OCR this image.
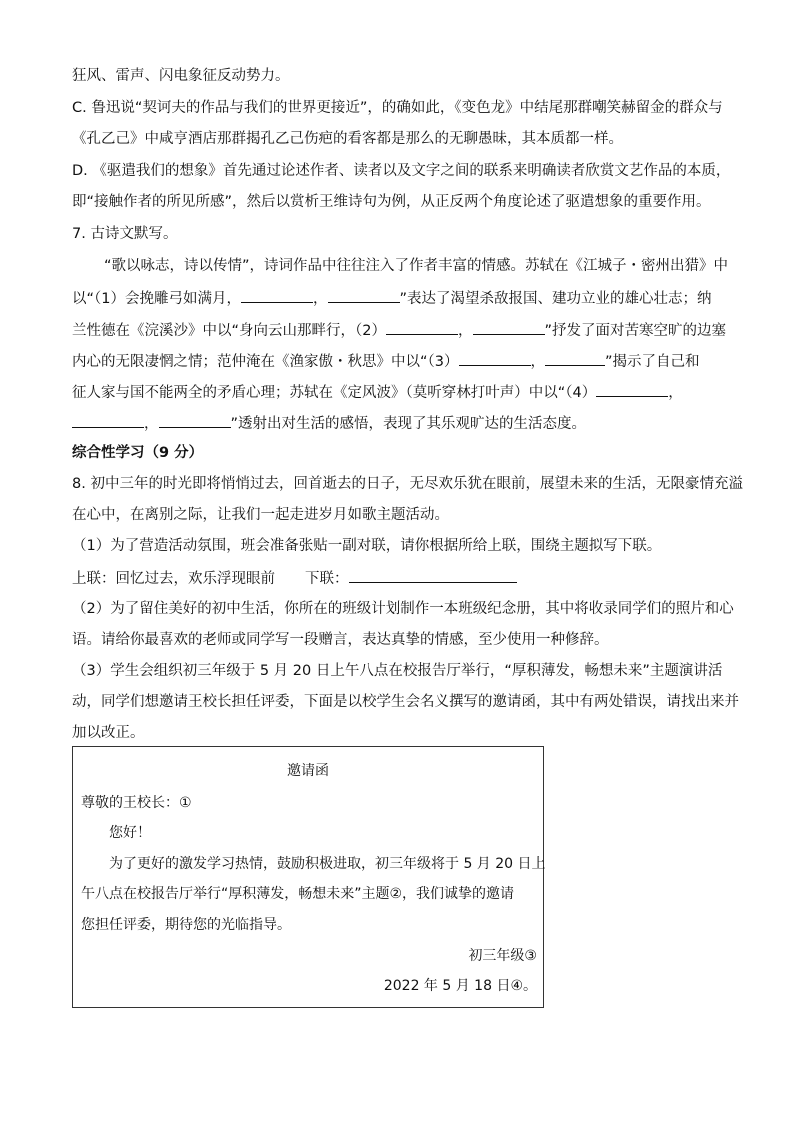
狂风、雷声、闪电象征反动势力。
C. 鲁迅说“契诃夫的作品与我们的世界更接近”，的确如此，《变色龙》中结尾那群嘲笑赫留金的群众与
《孔乙己》中咸亨酒店那群揭孔乙己伤疤的看客都是那么的无聊愚昧，其本质都一样。
D. 《驱遣我们的想象》首先通过论述作者、读者以及文字之间的联系来明确读者欣赏文艺作品的本质，
即“接触作者的所见所感”，然后以赏析王维诗句为例，从正反两个角度论述了驱遣想象的重要作用。
7. 古诗文默写。
“歌以咏志，诗以传情”，诗词作品中往往注入了作者丰富的情感。苏轼在《江城子・密州出猎》中
以“（1）会挽雕弓如满月，	，	”表达了渴望杀敌报国、建功立业的雄心壮志；纳
兰性德在《浣溪沙》中以“身向云山那畔行，（2）	，	”抒发了面对苦寒空旷的边塞
内心的无限凄惘之情；范仲淹在《渔家傲・秋思》中以“（3）	，	”揭示了自己和
征人家与国不能两全的矛盾心理；苏轼在《定风波》（莫听穿林打叶声）中以“（4）	，
，	”透射出对生活的感悟，表现了其乐观旷达的生活态度。
综合性学习（9 分）
8. 初中三年的时光即将悄悄过去，回首逝去的日子，无尽欢乐犹在眼前，展望未来的生活，无限豪情充溢
在心中，在离别之际，让我们一起走进岁月如歌主题活动。
（1）为了营造活动氛围，班会准备张贴一副对联，请你根据所给上联，围绕主题拟写下联。
上联：回忆过去，欢乐浮现眼前 下联：
（2）为了留住美好的初中生活，你所在的班级计划制作一本班级纪念册，其中将收录同学们的照片和心
语。请给你最喜欢的老师或同学写一段赠言，表达真挚的情感，至少使用一种修辞。
（3）学生会组织初三年级于 5 月 20 日上午八点在校报告厅举行，“厚积薄发，畅想未来”主题演讲活
动，同学们想邀请王校长担任评委，下面是以校学生会名义撰写的邀请函，其中有两处错误，请找出来并
加以改正。
邀请函
尊敬的王校长：①
您好！
为了更好的激发学习热情，鼓励积极进取，初三年级将于 5 月 20 日上
午八点在校报告厅举行“厚积薄发，畅想未来”主题②，我们诚挚的邀请
您担任评委，期待您的光临指导。
初三年级③
2022 年 5 月 18 日④。
